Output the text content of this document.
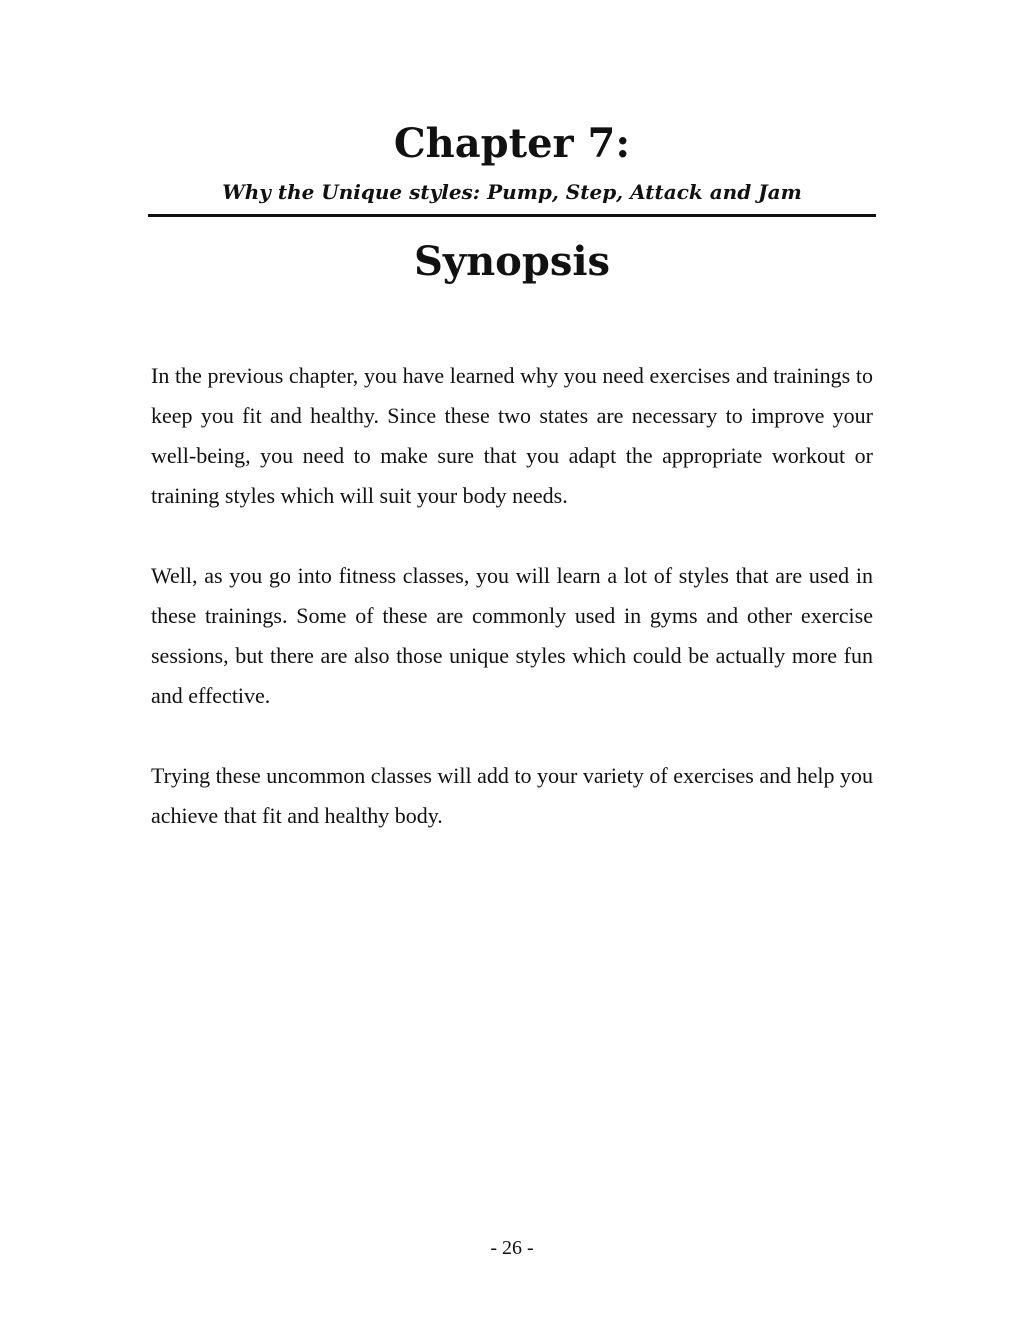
Chapter 7:
Why the Unique styles: Pump, Step, Attack and Jam
Synopsis

In the previous chapter, you have learned why you need exercises and trainings to keep you fit and healthy. Since these two states are necessary to improve your well-being, you need to make sure that you adapt the appropriate workout or training styles which will suit your body needs.

Well, as you go into fitness classes, you will learn a lot of styles that are used in these trainings. Some of these are commonly used in gyms and other exercise sessions, but there are also those unique styles which could be actually more fun and effective.

Trying these uncommon classes will add to your variety of exercises and help you achieve that fit and healthy body.

- 26 -
